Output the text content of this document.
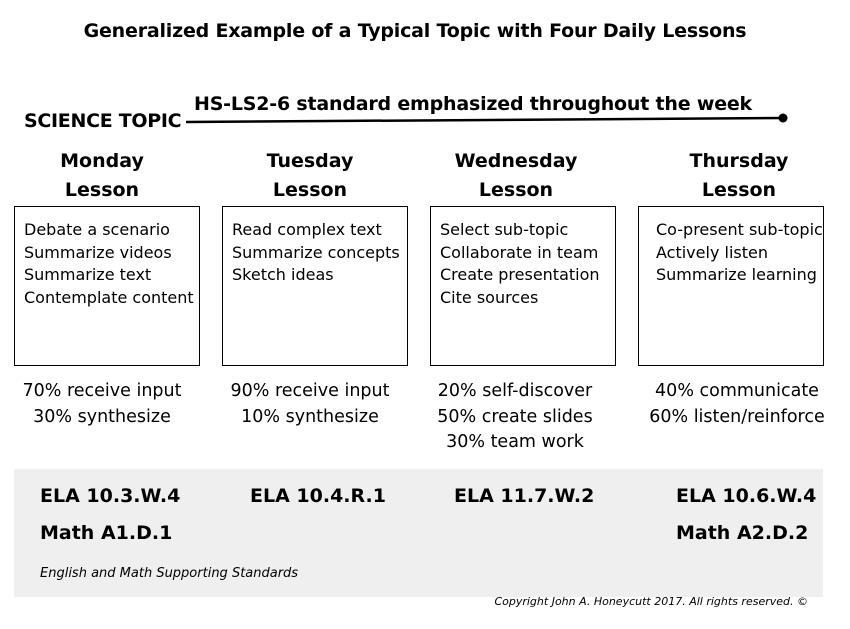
Generalized Example of a Typical Topic with Four Daily Lessons
SCIENCE TOPIC
HS-LS2-6 standard emphasized throughout the week
Monday
Lesson
Debate a scenario
Summarize videos
Summarize text
Contemplate content
70% receive input
30% synthesize
Tuesday
Lesson
Read complex text
Summarize concepts
Sketch ideas
90% receive input
10% synthesize
Wednesday
Lesson
Select sub-topic
Collaborate in team
Create presentation
Cite sources
20% self-discover
50% create slides
30% team work
Thursday
Lesson
Co-present sub-topic
Actively listen
Summarize learning
40% communicate
60% listen/reinforce
ELA 10.3.W.4
Math A1.D.1
ELA 10.4.R.1	ELA 11.7.W.2	ELA 10.6.W.4
Math A2.D.2
English and Math Supporting Standards
Copyright John A. Honeycutt 2017. All rights reserved. ©
